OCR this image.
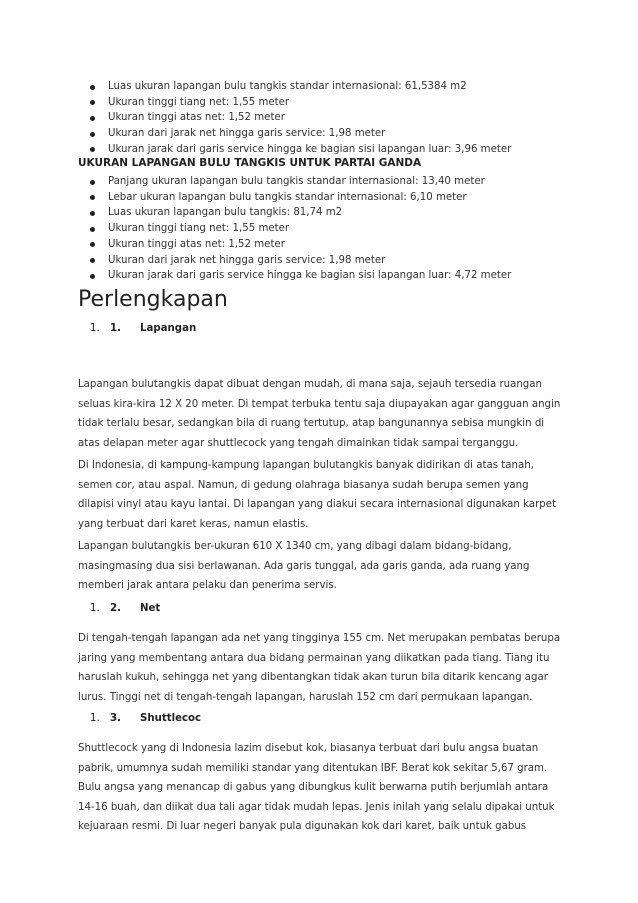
Luas ukuran lapangan bulu tangkis standar internasional: 61,5384 m2
Ukuran tinggi tiang net: 1,55 meter
Ukuran tinggi atas net: 1,52 meter
Ukuran dari jarak net hingga garis service: 1,98 meter
Ukuran jarak dari garis service hingga ke bagian sisi lapangan luar: 3,96 meter
UKURAN LAPANGAN BULU TANGKIS UNTUK PARTAI GANDA
Panjang ukuran lapangan bulu tangkis standar internasional: 13,40 meter
Lebar ukuran lapangan bulu tangkis standar internasional: 6,10 meter
Luas ukuran lapangan bulu tangkis: 81,74 m2
Ukuran tinggi tiang net: 1,55 meter
Ukuran tinggi atas net: 1,52 meter
Ukuran dari jarak net hingga garis service: 1,98 meter
Ukuran jarak dari garis service hingga ke bagian sisi lapangan luar: 4,72 meter
Perlengkapan
1. 1. Lapangan

Lapangan bulutangkis dapat dibuat dengan mudah, di mana saja, sejauh tersedia ruangan seluas kira-kira 12 X 20 meter. Di tempat terbuka tentu saja diupayakan agar gangguan angin tidak terlalu besar, sedangkan bila di ruang tertutup, atap bangunannya sebisa mungkin di atas delapan meter agar shuttlecock yang tengah dimainkan tidak sampai terganggu.

Di Indonesia, di kampung-kampung lapangan bulutangkis banyak didirikan di atas tanah, semen cor, atau aspal. Namun, di gedung olahraga biasanya sudah berupa semen yang dilapisi vinyl atau kayu lantai. Di lapangan yang diakui secara internasional digunakan karpet yang terbuat dari karet keras, namun elastis.

Lapangan bulutangkis ber-ukuran 610 X 1340 cm, yang dibagi dalam bidang-bidang, masingmasing dua sisi berlawanan. Ada garis tunggal, ada garis ganda, ada ruang yang memberi jarak antara pelaku dan penerima servis.

1. 2. Net

Di tengah-tengah lapangan ada net yang tingginya 155 cm. Net merupakan pembatas berupa jaring yang membentang antara dua bidang permainan yang diikatkan pada tiang. Tiang itu haruslah kukuh, sehingga net yang dibentangkan tidak akan turun bila ditarik kencang agar lurus. Tinggi net di tengah-tengah lapangan, haruslah 152 cm dari permukaan lapangan.

1. 3. Shuttlecoc

Shuttlecock yang di Indonesia lazim disebut kok, biasanya terbuat dari bulu angsa buatan pabrik, umumnya sudah memiliki standar yang ditentukan IBF. Berat kok sekitar 5,67 gram. Bulu angsa yang menancap di gabus yang dibungkus kulit berwarna putih berjumlah antara 14-16 buah, dan diikat dua tali agar tidak mudah lepas. Jenis inilah yang selalu dipakai untuk kejuaraan resmi. Di luar negeri banyak pula digunakan kok dari karet, baik untuk gabus
